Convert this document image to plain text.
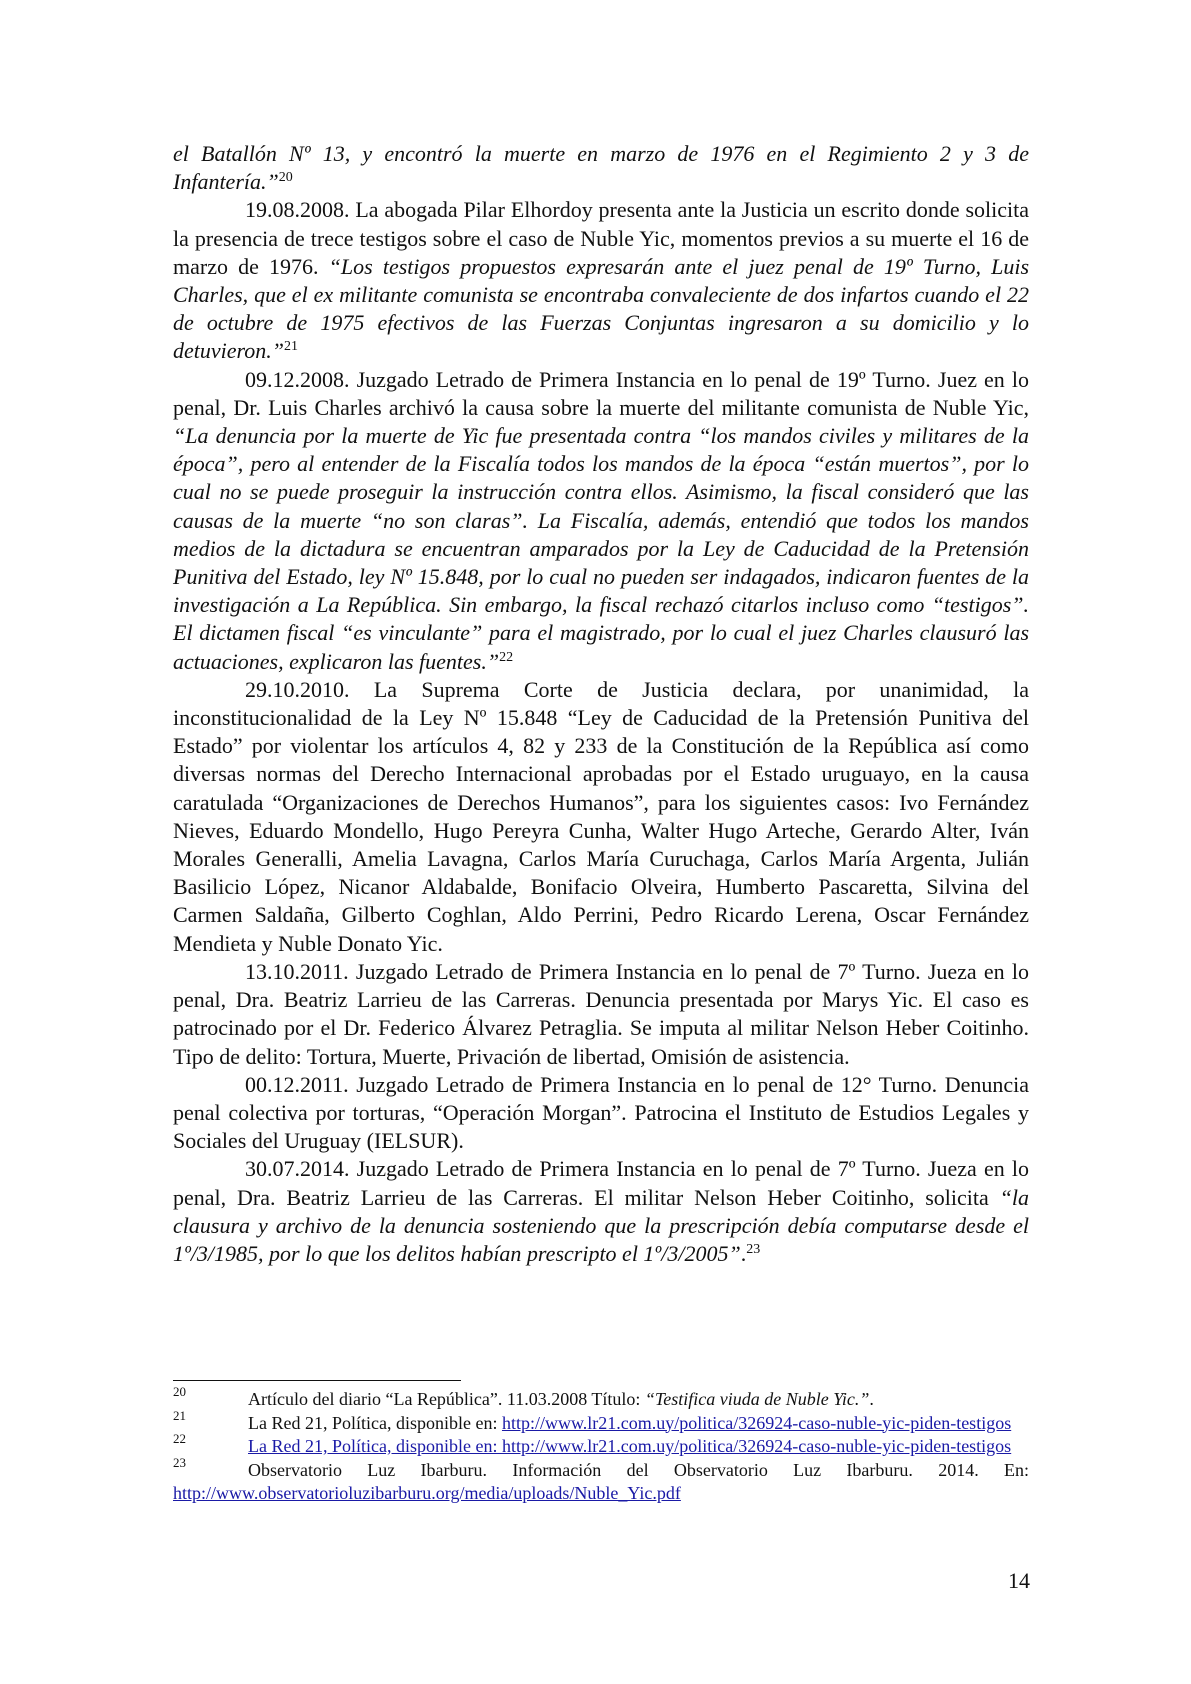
el Batallón Nº 13, y encontró la muerte en marzo de 1976 en el Regimiento 2 y 3 de Infantería.”$^{20}$

19.08.2008. La abogada Pilar Elhordoy presenta ante la Justicia un escrito donde solicita la presencia de trece testigos sobre el caso de Nuble Yic, momentos previos a su muerte el 16 de marzo de 1976. “Los testigos propuestos expresarán ante el juez penal de 19º Turno, Luis Charles, que el ex militante comunista se encontraba convaleciente de dos infartos cuando el 22 de octubre de 1975 efectivos de las Fuerzas Conjuntas ingresaron a su domicilio y lo detuvieron.”$^{21}$

09.12.2008. Juzgado Letrado de Primera Instancia en lo penal de 19º Turno. Juez en lo penal, Dr. Luis Charles archivó la causa sobre la muerte del militante comunista de Nuble Yic, “La denuncia por la muerte de Yic fue presentada contra “los mandos civiles y militares de la época”, pero al entender de la Fiscalía todos los mandos de la época “están muertos”, por lo cual no se puede proseguir la instrucción contra ellos. Asimismo, la fiscal consideró que las causas de la muerte “no son claras”. La Fiscalía, además, entendió que todos los mandos medios de la dictadura se encuentran amparados por la Ley de Caducidad de la Pretensión Punitiva del Estado, ley Nº 15.848, por lo cual no pueden ser indagados, indicaron fuentes de la investigación a La República. Sin embargo, la fiscal rechazó citarlos incluso como “testigos”. El dictamen fiscal “es vinculante” para el magistrado, por lo cual el juez Charles clausuró las actuaciones, explicaron las fuentes.”$^{22}$

29.10.2010. La Suprema Corte de Justicia declara, por unanimidad, la inconstitucionalidad de la Ley Nº 15.848 “Ley de Caducidad de la Pretensión Punitiva del Estado” por violentar los artículos 4, 82 y 233 de la Constitución de la República así como diversas normas del Derecho Internacional aprobadas por el Estado uruguayo, en la causa caratulada “Organizaciones de Derechos Humanos”, para los siguientes casos: Ivo Fernández Nieves, Eduardo Mondello, Hugo Pereyra Cunha, Walter Hugo Arteche, Gerardo Alter, Iván Morales Generalli, Amelia Lavagna, Carlos María Curuchaga, Carlos María Argenta, Julián Basilicio López, Nicanor Aldabalde, Bonifacio Olveira, Humberto Pascaretta, Silvina del Carmen Saldaña, Gilberto Coghlan, Aldo Perrini, Pedro Ricardo Lerena, Oscar Fernández Mendieta y Nuble Donato Yic.

13.10.2011. Juzgado Letrado de Primera Instancia en lo penal de 7º Turno. Jueza en lo penal, Dra. Beatriz Larrieu de las Carreras. Denuncia presentada por Marys Yic. El caso es patrocinado por el Dr. Federico Álvarez Petraglia. Se imputa al militar Nelson Heber Coitinho. Tipo de delito: Tortura, Muerte, Privación de libertad, Omisión de asistencia.

00.12.2011. Juzgado Letrado de Primera Instancia en lo penal de 12° Turno. Denuncia penal colectiva por torturas, “Operación Morgan”. Patrocina el Instituto de Estudios Legales y Sociales del Uruguay (IELSUR).

30.07.2014. Juzgado Letrado de Primera Instancia en lo penal de 7º Turno. Jueza en lo penal, Dra. Beatriz Larrieu de las Carreras. El militar Nelson Heber Coitinho, solicita “la clausura y archivo de la denuncia sosteniendo que la prescripción debía computarse desde el 1º/3/1985, por lo que los delitos habían prescripto el 1º/3/2005”.$^{23}$

20	Artículo del diario “La República”. 11.03.2008 Título: “Testifica viuda de Nuble Yic.”.

21	La Red 21, Política, disponible en: http://www.lr21.com.uy/politica/326924-caso-nuble-yic-piden-testigos

22	La Red 21, Política, disponible en: http://www.lr21.com.uy/politica/326924-caso-nuble-yic-piden-testigos

23	Observatorio Luz Ibarburu. Información del Observatorio Luz Ibarburu. 2014. En: http://www.observatorioluzibarburu.org/media/uploads/Nuble_Yic.pdf

14
